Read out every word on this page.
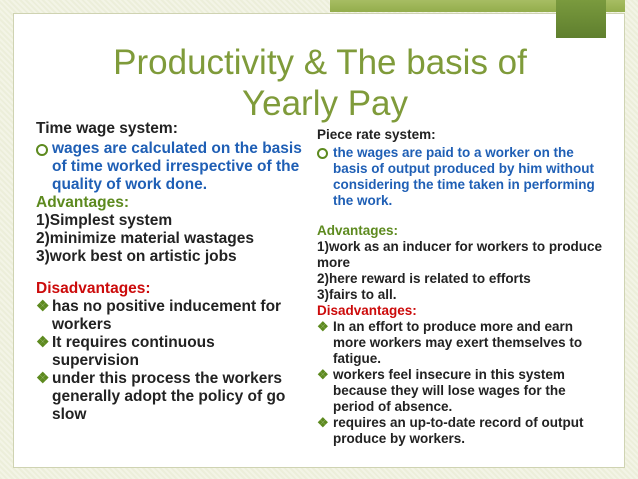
Productivity & The basis of
Yearly Pay
Time wage system:
wages are calculated on the basis of time worked irrespective of the quality of work done.
Advantages:
1)Simplest system
2)minimize material wastages
3)work best on artistic jobs
Disadvantages:
❖ has no positive inducement for workers
❖ It requires continuous supervision
❖ under this process the workers generally adopt the policy of go slow
Piece rate system:
the wages are paid to a worker on the basis of output produced by him without considering the time taken in performing the work.
Advantages:
1)work as an inducer for workers to produce more
2)here reward is related to efforts
3)fairs to all.
Disadvantages:
❖ In an effort to produce more and earn more workers may exert themselves to fatigue.
❖ workers feel insecure in this system because they will lose wages for the period of absence.
❖ requires an up-to-date record of output produce by workers.
